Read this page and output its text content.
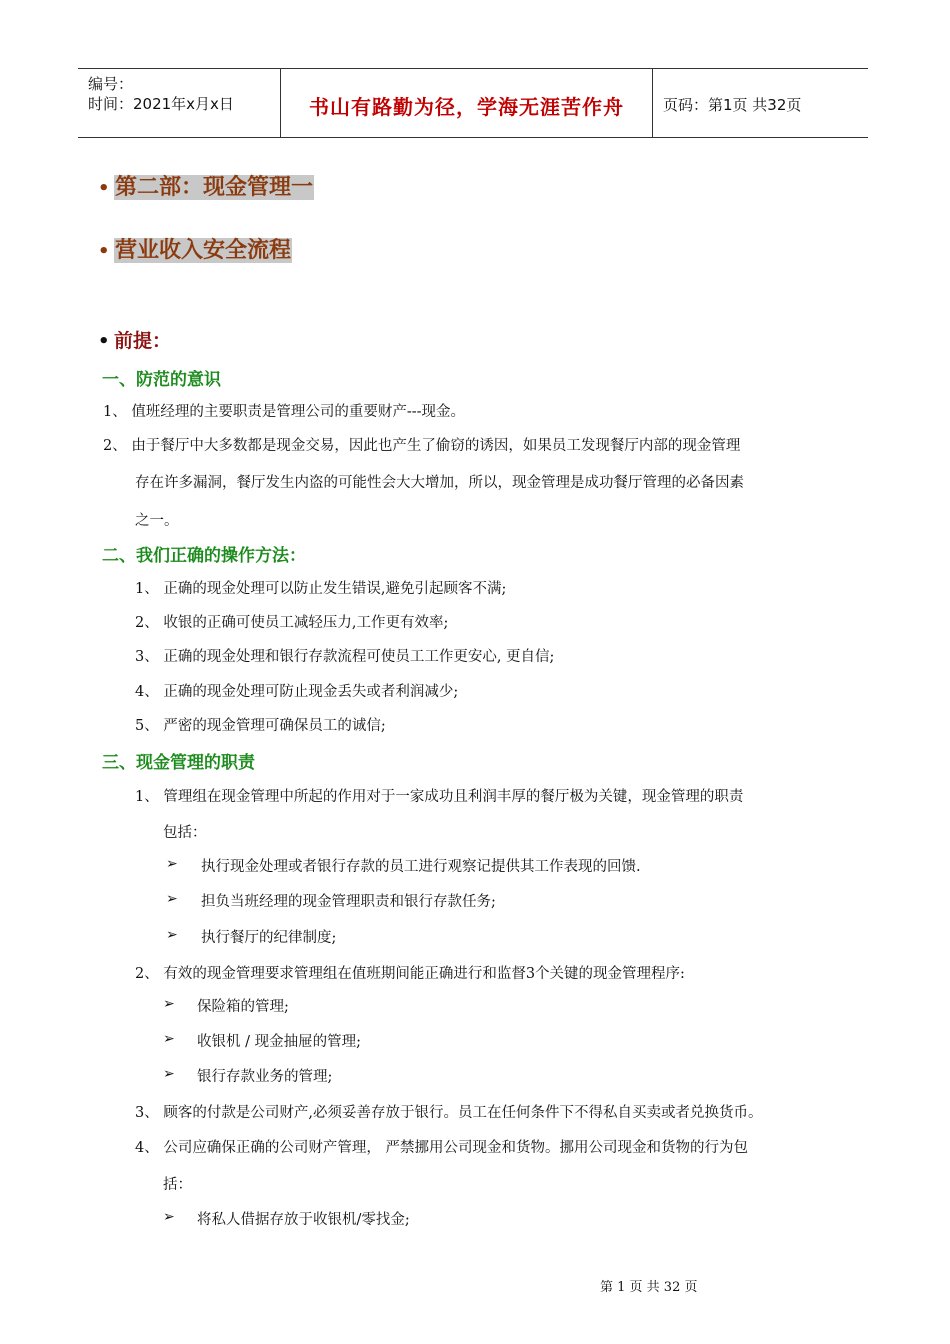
编号：
时间：2021年x月x日	书山有路勤为径，学海无涯苦作舟	页码：第1页 共32页
• 第二部：现金管理一
• 营业收入安全流程
• 前提：
一、防范的意识
1、 值班经理的主要职责是管理公司的重要财产---现金。
2、 由于餐厅中大多数都是现金交易，因此也产生了偷窃的诱因，如果员工发现餐厅内部的现金管理
存在许多漏洞，餐厅发生内盗的可能性会大大增加，所以，现金管理是成功餐厅管理的必备因素
之一。
二、我们正确的操作方法：
1、 正确的现金处理可以防止发生错误,避免引起顾客不满;
2、 收银的正确可使员工减轻压力,工作更有效率;
3、 正确的现金处理和银行存款流程可使员工工作更安心, 更自信;
4、 正确的现金处理可防止现金丢失或者利润减少;
5、 严密的现金管理可确保员工的诚信;
三、现金管理的职责
1、 管理组在现金管理中所起的作用对于一家成功且利润丰厚的餐厅极为关键，现金管理的职责
包括：
➢ 执行现金处理或者银行存款的员工进行观察记提供其工作表现的回馈.
➢ 担负当班经理的现金管理职责和银行存款任务;
➢ 执行餐厅的纪律制度;
2、 有效的现金管理要求管理组在值班期间能正确进行和监督3个关键的现金管理程序:
➢ 保险箱的管理;
➢ 收银机 / 现金抽屉的管理;
➢ 银行存款业务的管理;
3、 顾客的付款是公司财产,必须妥善存放于银行。员工在任何条件下不得私自买卖或者兑换货币。
4、 公司应确保正确的公司财产管理， 严禁挪用公司现金和货物。挪用公司现金和货物的行为包
括：
➢ 将私人借据存放于收银机/零找金;
第 1 页 共 32 页
